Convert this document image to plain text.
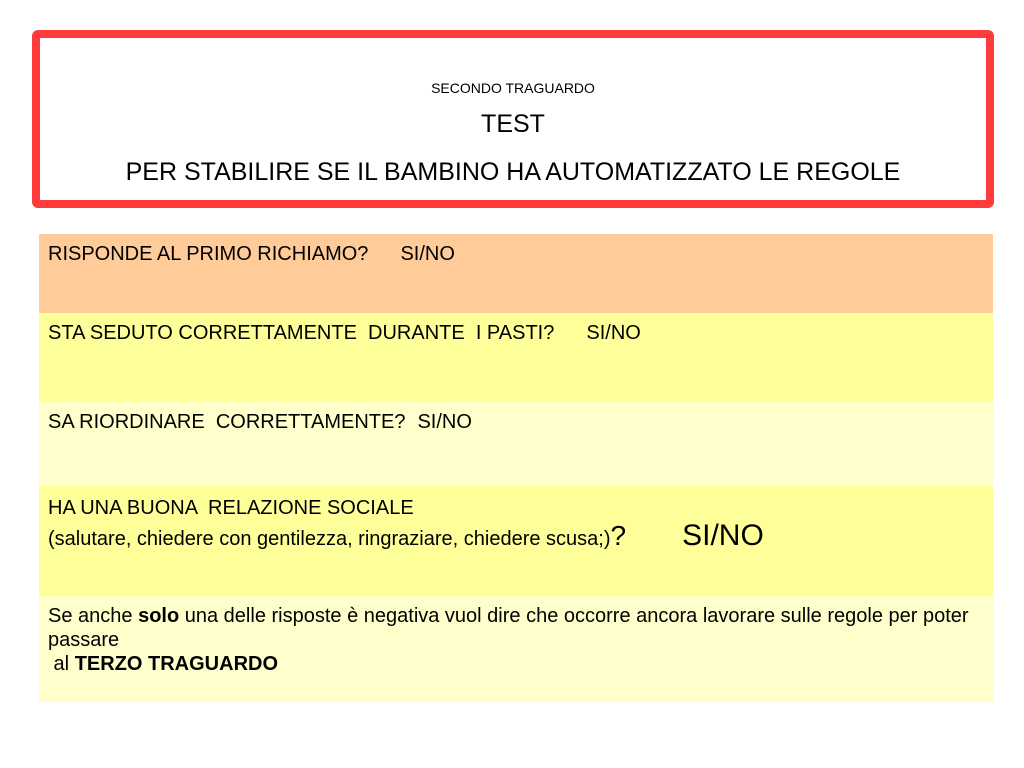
SECONDO TRAGUARDO
TEST
PER STABILIRE SE IL BAMBINO HA AUTOMATIZZATO LE REGOLE
RISPONDE AL PRIMO RICHIAMO? SI/NO
STA SEDUTO CORRETTAMENTE  DURANTE  I PASTI? SI/NO
SA RIORDINARE  CORRETTAMENTE? SI/NO
HA UNA BUONA  RELAZIONE SOCIALE
(salutare, chiedere con gentilezza, ringraziare, chiedere scusa;)? SI/NO
Se anche solo una delle risposte è negativa vuol dire che occorre ancora lavorare sulle regole per poter passare
al TERZO TRAGUARDO
